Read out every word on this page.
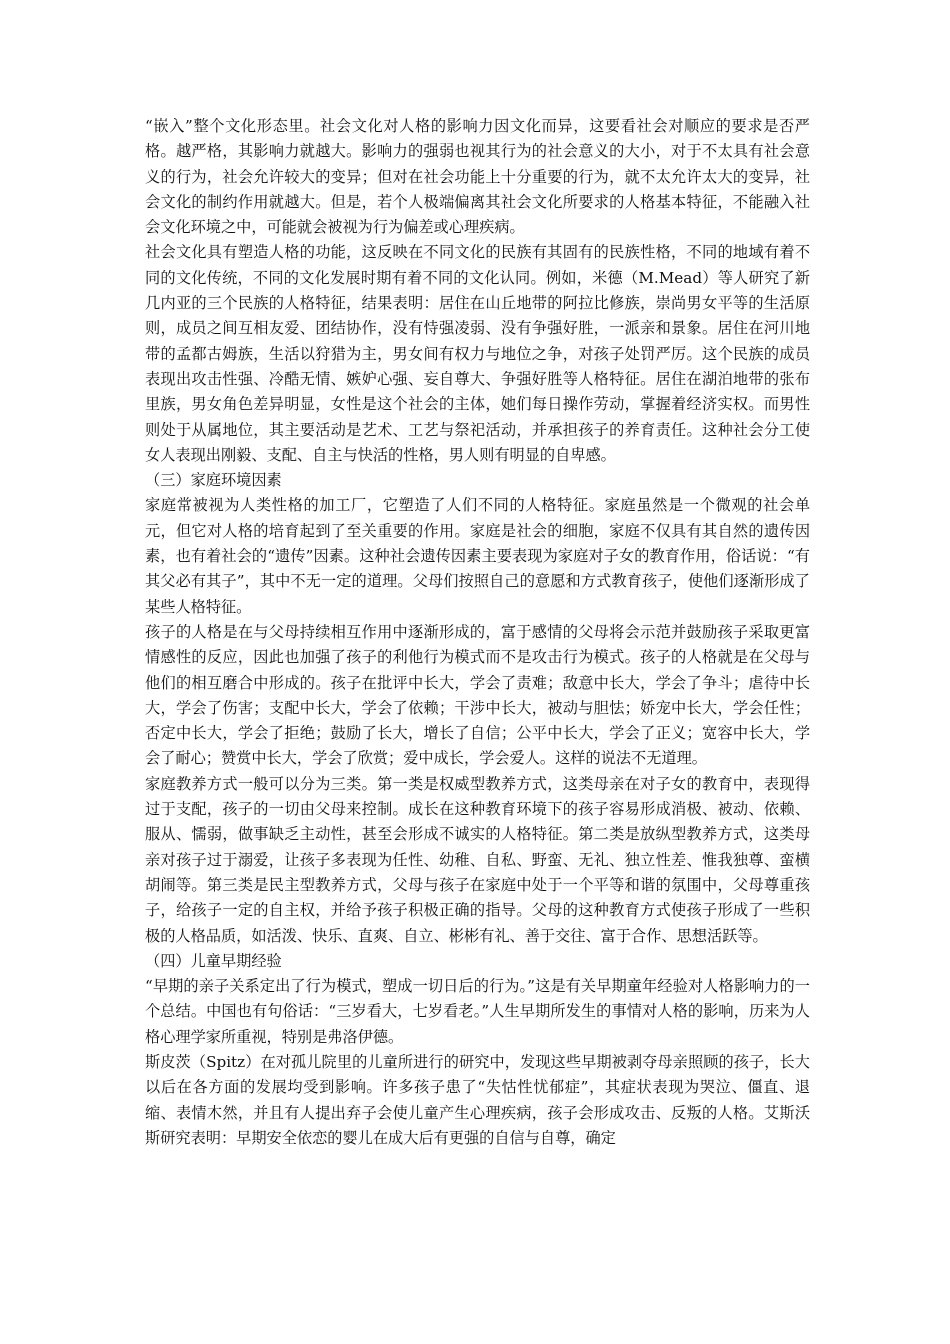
“嵌入”整个文化形态里。社会文化对人格的影响力因文化而异，这要看社会对顺应的要求是否严格。越严格，其影响力就越大。影响力的强弱也视其行为的社会意义的大小，对于不太具有社会意义的行为，社会允许较大的变异；但对在社会功能上十分重要的行为，就不太允许太大的变异，社会文化的制约作用就越大。但是，若个人极端偏离其社会文化所要求的人格基本特征，不能融入社会文化环境之中，可能就会被视为行为偏差或心理疾病。

社会文化具有塑造人格的功能，这反映在不同文化的民族有其固有的民族性格，不同的地域有着不同的文化传统，不同的文化发展时期有着不同的文化认同。例如，米德（M.Mead）等人研究了新几内亚的三个民族的人格特征，结果表明：居住在山丘地带的阿拉比修族，崇尚男女平等的生活原则，成员之间互相友爱、团结协作，没有恃强凌弱、没有争强好胜，一派亲和景象。居住在河川地带的孟都古姆族，生活以狩猎为主，男女间有权力与地位之争，对孩子处罚严厉。这个民族的成员表现出攻击性强、冷酷无情、嫉妒心强、妄自尊大、争强好胜等人格特征。居住在湖泊地带的张布里族，男女角色差异明显，女性是这个社会的主体，她们每日操作劳动，掌握着经济实权。而男性则处于从属地位，其主要活动是艺术、工艺与祭祀活动，并承担孩子的养育责任。这种社会分工使女人表现出刚毅、支配、自主与快活的性格，男人则有明显的自卑感。

（三）家庭环境因素

家庭常被视为人类性格的加工厂，它塑造了人们不同的人格特征。家庭虽然是一个微观的社会单元，但它对人格的培育起到了至关重要的作用。家庭是社会的细胞，家庭不仅具有其自然的遗传因素，也有着社会的“遗传”因素。这种社会遗传因素主要表现为家庭对子女的教育作用，俗话说：“有其父必有其子”，其中不无一定的道理。父母们按照自己的意愿和方式教育孩子，使他们逐渐形成了某些人格特征。

孩子的人格是在与父母持续相互作用中逐渐形成的，富于感情的父母将会示范并鼓励孩子采取更富情感性的反应，因此也加强了孩子的利他行为模式而不是攻击行为模式。孩子的人格就是在父母与他们的相互磨合中形成的。孩子在批评中长大，学会了责难；敌意中长大，学会了争斗；虐待中长大，学会了伤害；支配中长大，学会了依赖；干涉中长大，被动与胆怯；娇宠中长大，学会任性；否定中长大，学会了拒绝；鼓励了长大，增长了自信；公平中长大，学会了正义；宽容中长大，学会了耐心；赞赏中长大，学会了欣赏；爱中成长，学会爱人。这样的说法不无道理。

家庭教养方式一般可以分为三类。第一类是权威型教养方式，这类母亲在对子女的教育中，表现得过于支配，孩子的一切由父母来控制。成长在这种教育环境下的孩子容易形成消极、被动、依赖、服从、懦弱，做事缺乏主动性，甚至会形成不诚实的人格特征。第二类是放纵型教养方式，这类母亲对孩子过于溺爱，让孩子多表现为任性、幼稚、自私、野蛮、无礼、独立性差、惟我独尊、蛮横胡闹等。第三类是民主型教养方式，父母与孩子在家庭中处于一个平等和谐的氛围中，父母尊重孩子，给孩子一定的自主权，并给予孩子积极正确的指导。父母的这种教育方式使孩子形成了一些积极的人格品质，如活泼、快乐、直爽、自立、彬彬有礼、善于交往、富于合作、思想活跃等。

（四）儿童早期经验

“早期的亲子关系定出了行为模式，塑成一切日后的行为。”这是有关早期童年经验对人格影响力的一个总结。中国也有句俗话：“三岁看大，七岁看老。”人生早期所发生的事情对人格的影响，历来为人格心理学家所重视，特别是弗洛伊德。

斯皮茨（Spitz）在对孤儿院里的儿童所进行的研究中，发现这些早期被剥夺母亲照顾的孩子，长大以后在各方面的发展均受到影响。许多孩子患了“失怙性忧郁症”，其症状表现为哭泣、僵直、退缩、表情木然，并且有人提出弃子会使儿童产生心理疾病，孩子会形成攻击、反叛的人格。艾斯沃斯研究表明：早期安全依恋的婴儿在成大后有更强的自信与自尊，确定
